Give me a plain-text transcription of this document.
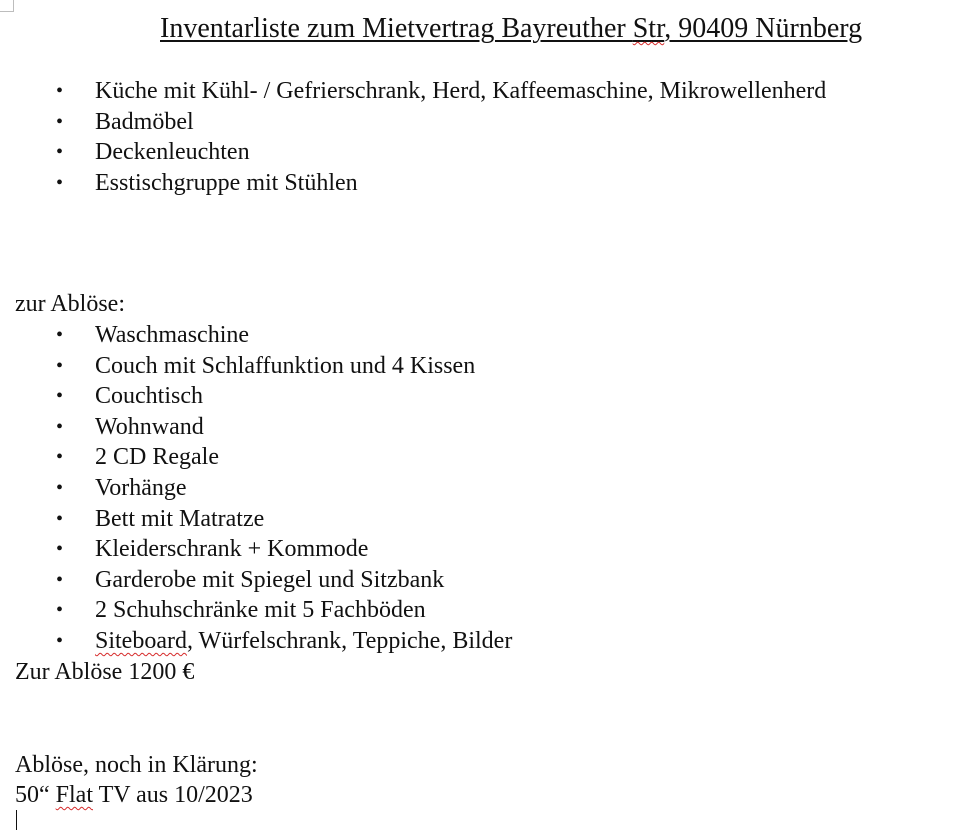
Inventarliste zum Mietvertrag Bayreuther Str, 90409 Nürnberg
• Küche mit Kühl- / Gefrierschrank, Herd, Kaffeemaschine, Mikrowellenherd
• Badmöbel
• Deckenleuchten
• Esstischgruppe mit Stühlen
zur Ablöse:
• Waschmaschine
• Couch mit Schlaffunktion und 4 Kissen
• Couchtisch
• Wohnwand
• 2 CD Regale
• Vorhänge
• Bett mit Matratze
• Kleiderschrank + Kommode
• Garderobe mit Spiegel und Sitzbank
• 2 Schuhschränke mit 5 Fachböden
• Siteboard, Würfelschrank, Teppiche, Bilder
Zur Ablöse 1200 €
Ablöse, noch in Klärung:
50“ Flat TV aus 10/2023
